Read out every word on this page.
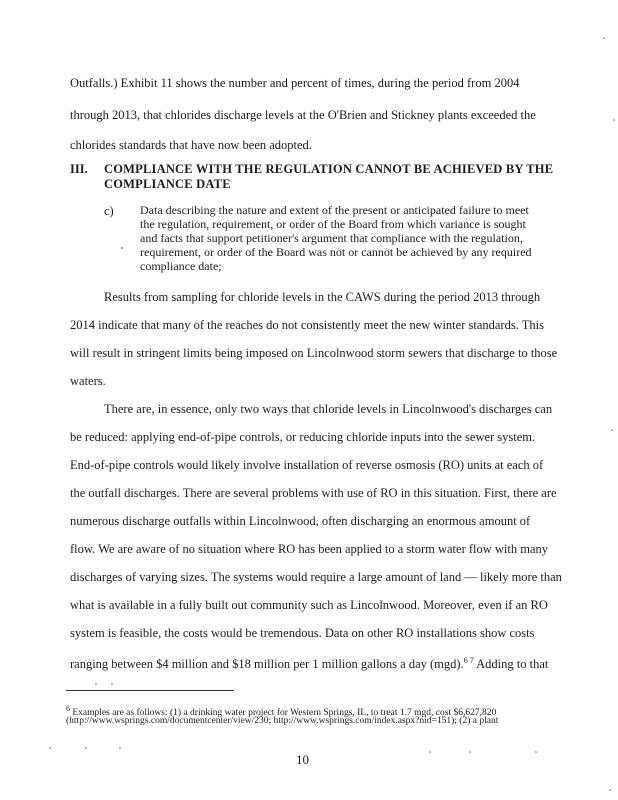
Outfalls.) Exhibit 11 shows the number and percent of times, during the period from 2004
through 2013, that chlorides discharge levels at the O'Brien and Stickney plants exceeded the
chlorides standards that have now been adopted.
III. COMPLIANCE WITH THE REGULATION CANNOT BE ACHIEVED BY THE
COMPLIANCE DATE
c) Data describing the nature and extent of the present or anticipated failure to meet
the regulation, requirement, or order of the Board from which variance is sought
and facts that support petitioner's argument that compliance with the regulation,
requirement, or order of the Board was not or cannot be achieved by any required
compliance date;
Results from sampling for chloride levels in the CAWS during the period 2013 through
2014 indicate that many of the reaches do not consistently meet the new winter standards. This
will result in stringent limits being imposed on Lincolnwood storm sewers that discharge to those
waters.
There are, in essence, only two ways that chloride levels in Lincolnwood's discharges can
be reduced: applying end-of-pipe controls, or reducing chloride inputs into the sewer system.
End-of-pipe controls would likely involve installation of reverse osmosis (RO) units at each of
the outfall discharges. There are several problems with use of RO in this situation. First, there are
numerous discharge outfalls within Lincolnwood, often discharging an enormous amount of
flow. We are aware of no situation where RO has been applied to a storm water flow with many
discharges of varying sizes. The systems would require a large amount of land — likely more than
what is available in a fully built out community such as Lincolnwood. Moreover, even if an RO
system is feasible, the costs would be tremendous. Data on other RO installations show costs
ranging between $4 million and $18 million per 1 million gallons a day (mgd).$^{6 7}$ Adding to that
$^6$ Examples are as follows: (1) a drinking water project for Western Springs, IL, to treat 1.7 mgd, cost $6,627,820
(http://www.wsprings.com/documentcenter/view/230; http://www.wsprings.com/index.aspx?nid=151); (2) a plant
10
